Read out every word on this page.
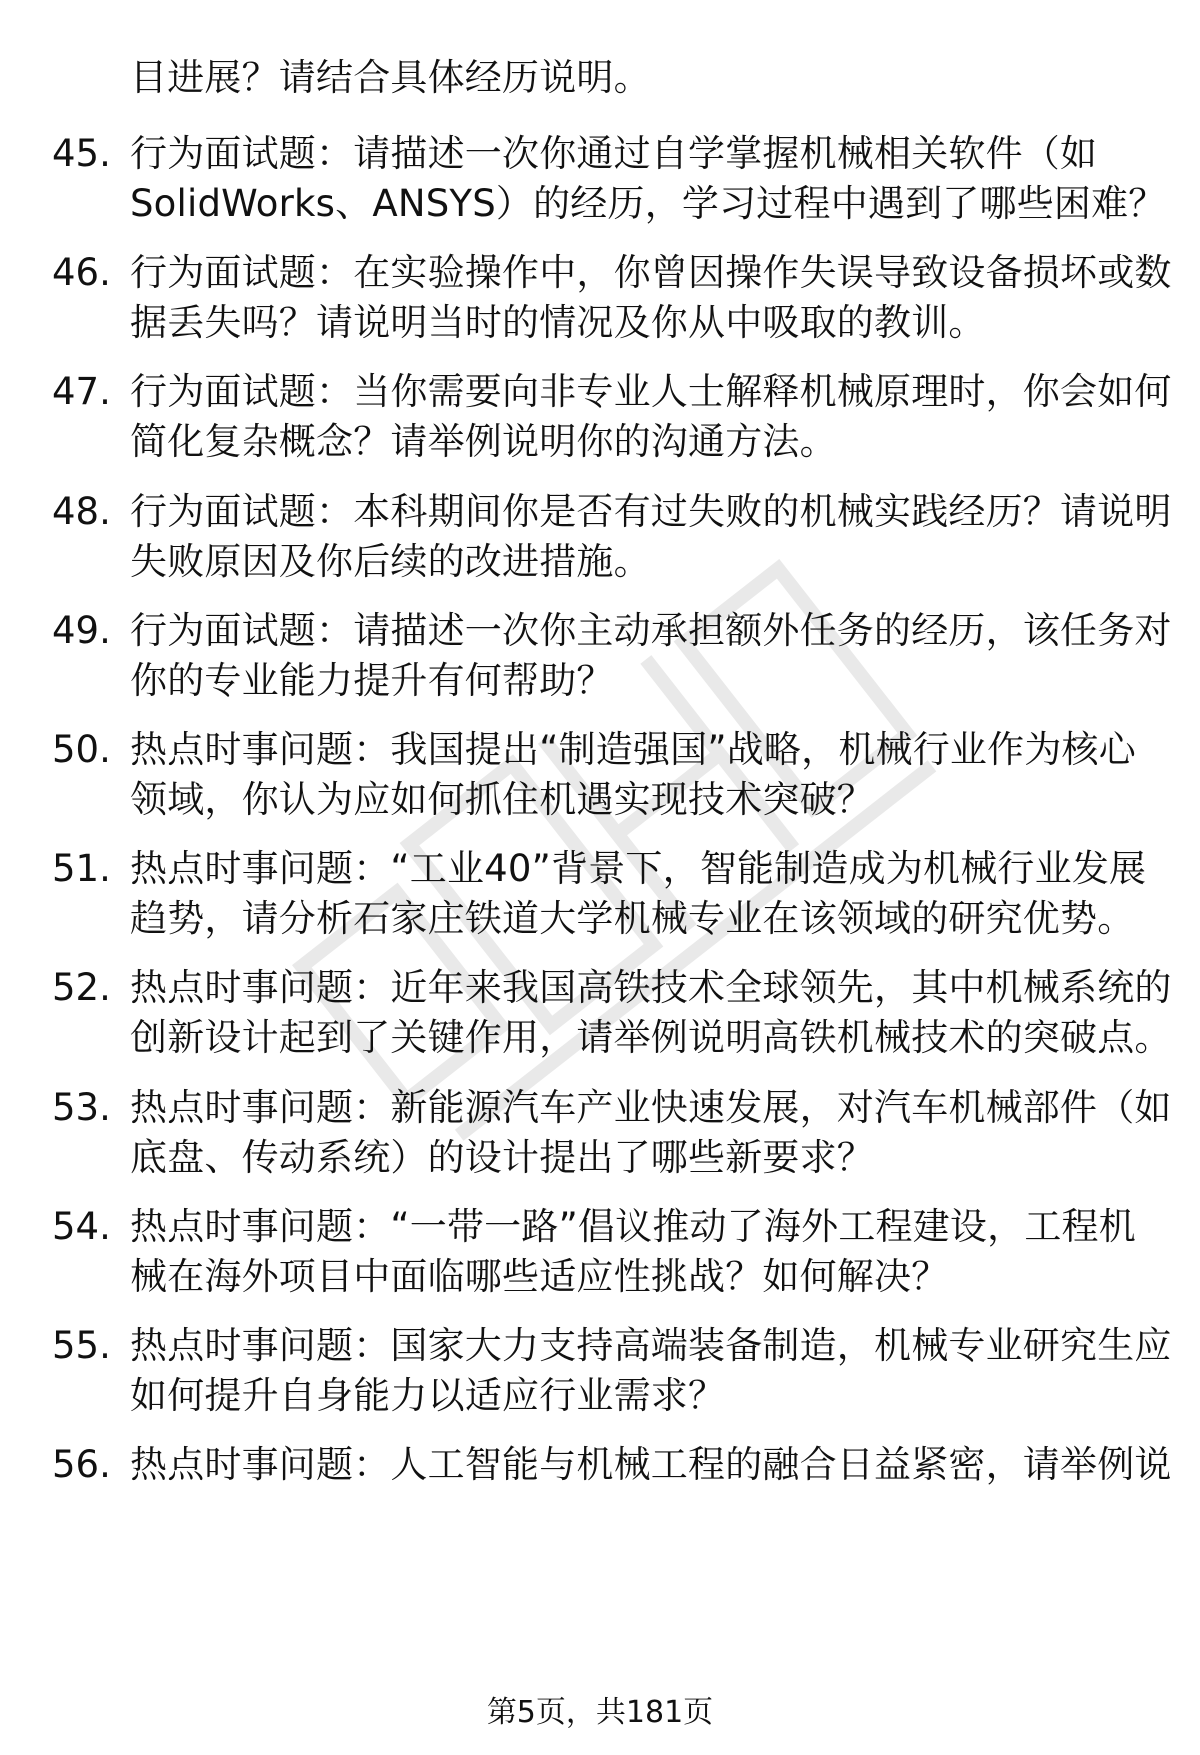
目进展？请结合具体经历说明。
45. 行为面试题：请描述一次你通过自学掌握机械相关软件（如
SolidWorks、ANSYS）的经历，学习过程中遇到了哪些困难？
46. 行为面试题：在实验操作中，你曾因操作失误导致设备损坏或数
据丢失吗？请说明当时的情况及你从中吸取的教训。
47. 行为面试题：当你需要向非专业人士解释机械原理时，你会如何
简化复杂概念？请举例说明你的沟通方法。
48. 行为面试题：本科期间你是否有过失败的机械实践经历？请说明
失败原因及你后续的改进措施。
49. 行为面试题：请描述一次你主动承担额外任务的经历，该任务对
你的专业能力提升有何帮助？
50. 热点时事问题：我国提出“制造强国”战略，机械行业作为核心
领域，你认为应如何抓住机遇实现技术突破？
51. 热点时事问题：“工业40”背景下，智能制造成为机械行业发展
趋势，请分析石家庄铁道大学机械专业在该领域的研究优势。
52. 热点时事问题：近年来我国高铁技术全球领先，其中机械系统的
创新设计起到了关键作用，请举例说明高铁机械技术的突破点。
53. 热点时事问题：新能源汽车产业快速发展，对汽车机械部件（如
底盘、传动系统）的设计提出了哪些新要求？
54. 热点时事问题：“一带一路”倡议推动了海外工程建设，工程机
械在海外项目中面临哪些适应性挑战？如何解决？
55. 热点时事问题：国家大力支持高端装备制造，机械专业研究生应
如何提升自身能力以适应行业需求？
56. 热点时事问题：人工智能与机械工程的融合日益紧密，请举例说
第5页，共181页
